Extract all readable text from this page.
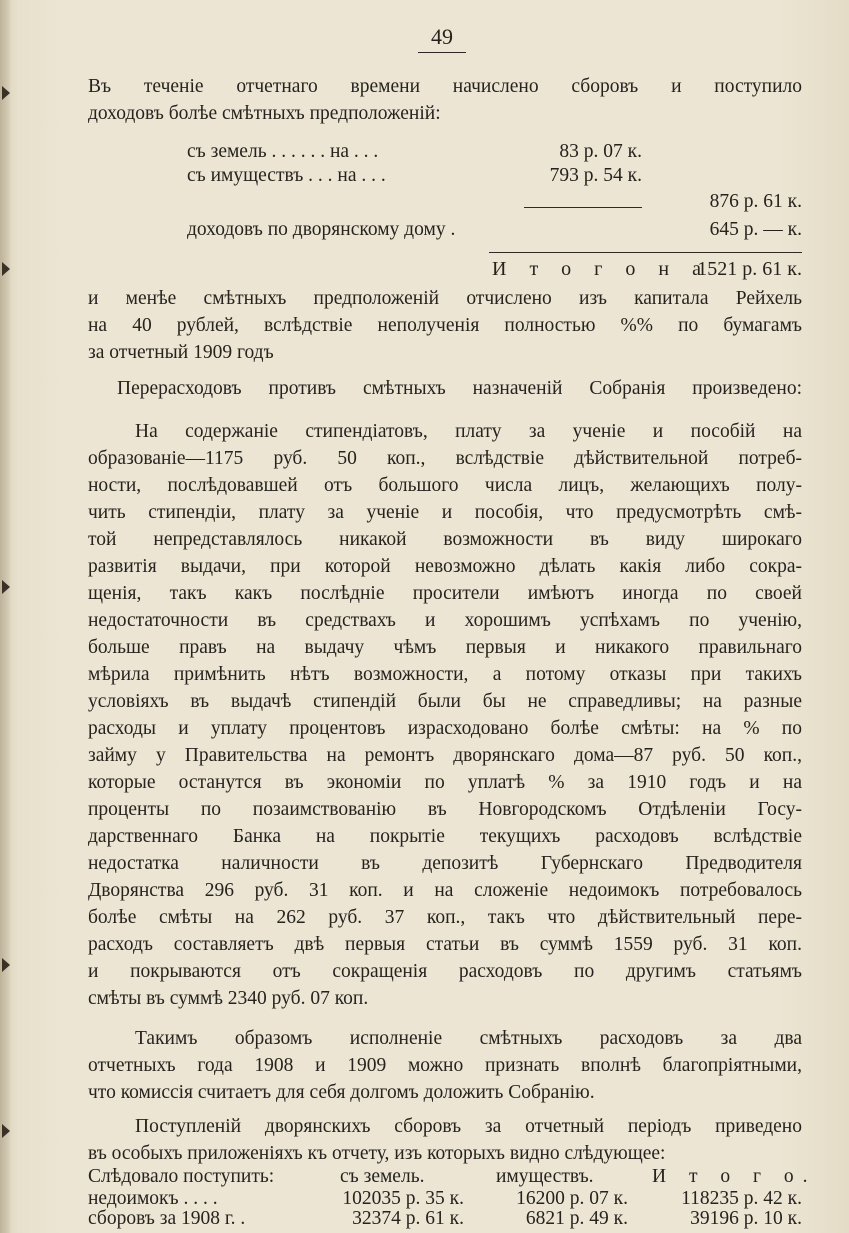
49
Въ теченіе отчетнаго времени начислено сборовъ и поступило
доходовъ болѣе смѣтныхъ предположеній:
съ земель . . . . . . на . . .	83 р. 07 к.
съ имуществъ . . . на . . .	793 р. 54 к.
876 р. 61 к.
доходовъ по дворянскому дому .	645 р. — к.
И т о г о н а
1521 р. 61 к.
и менѣе смѣтныхъ предположеній отчислено изъ капитала Рейхель
на 40 рублей, вслѣдствіе неполученія полностью %% по бумагамъ
за отчетный 1909 годъ
Перерасходовъ противъ смѣтныхъ назначеній Собранія произведено:
На содержаніе стипендіатовъ, плату за ученіе и пособій на
образованіе—1175 руб. 50 коп., вслѣдствіе дѣйствительной потреб-
ности, послѣдовавшей отъ большого числа лицъ, желающихъ полу-
чить стипендіи, плату за ученіе и пособія, что предусмотрѣть смѣ-
той непредставлялось никакой возможности въ виду широкаго
развитія выдачи, при которой невозможно дѣлать какія либо сокра-
щенія, такъ какъ послѣдніе просители имѣютъ иногда по своей
недостаточности въ средствахъ и хорошимъ успѣхамъ по ученію,
больше правъ на выдачу чѣмъ первыя и никакого правильнаго
мѣрила примѣнить нѣтъ возможности, а потому отказы при такихъ
условіяхъ въ выдачѣ стипендій были бы не справедливы; на разные
расходы и уплату процентовъ израсходовано болѣе смѣты: на % по
займу у Правительства на ремонтъ дворянскаго дома—87 руб. 50 коп.,
которые останутся въ экономіи по уплатѣ % за 1910 годъ и на
проценты по позаимствованію въ Новгородскомъ Отдѣленіи Госу-
дарственнаго Банка на покрытіе текущихъ расходовъ вслѣдствіе
недостатка наличности въ депозитѣ Губернскаго Предводителя
Дворянства 296 руб. 31 коп. и на сложеніе недоимокъ потребовалось
болѣе смѣты на 262 руб. 37 коп., такъ что дѣйствительный пере-
расходъ составляетъ двѣ первыя статьи въ суммѣ 1559 руб. 31 коп.
и покрываются отъ сокращенія расходовъ по другимъ статьямъ
смѣты въ суммѣ 2340 руб. 07 коп.
Такимъ образомъ исполненіе смѣтныхъ расходовъ за два
отчетныхъ года 1908 и 1909 можно признать вполнѣ благопріятными,
что комиссія считаетъ для себя долгомъ доложить Собранію.
Поступленій дворянскихъ сборовъ за отчетный періодъ приведено
въ особыхъ приложеніяхъ къ отчету, изъ которыхъ видно слѣдующее:
Слѣдовало поступить:	съ земель.	имуществъ.	И т о г о.
недоимокъ . . . .	102035 р. 35 к.	16200 р. 07 к.	118235 р. 42 к.
сборовъ за 1908 г. .	32374 р. 61 к.	6821 р. 49 к.	39196 р. 10 к.
